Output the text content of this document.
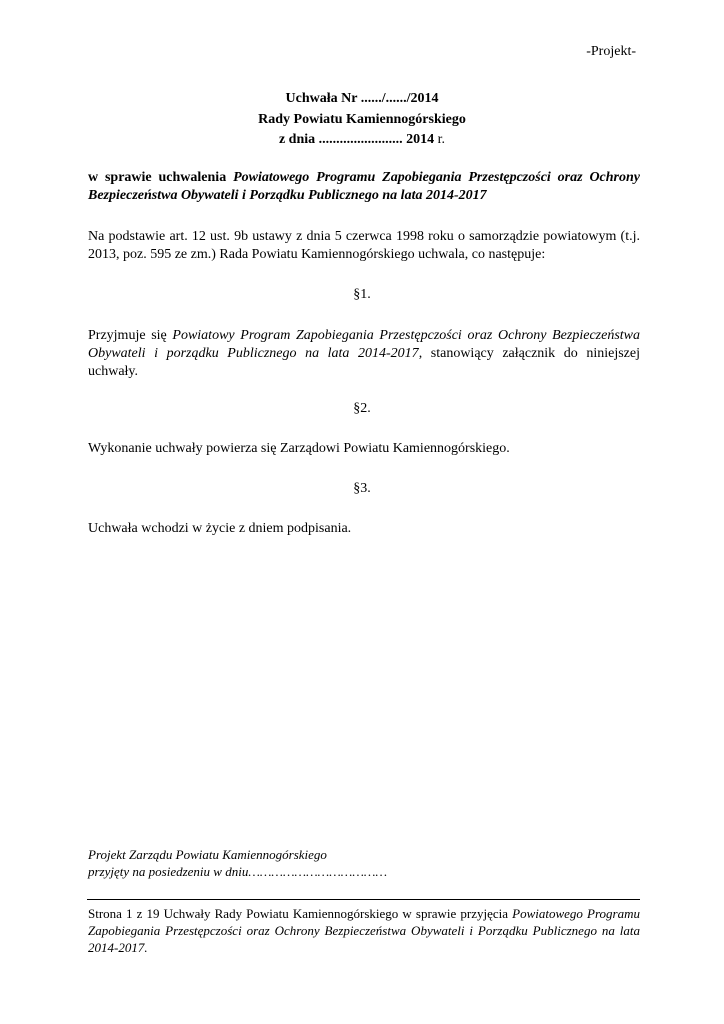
-Projekt-
Uchwała Nr ....../....../2014
Rady Powiatu Kamiennogórskiego
z dnia ........................ 2014 r.
w sprawie uchwalenia Powiatowego Programu Zapobiegania Przestępczości oraz Ochrony Bezpieczeństwa Obywateli i Porządku Publicznego na lata 2014-2017
Na podstawie art. 12 ust. 9b ustawy z dnia 5 czerwca 1998 roku o samorządzie powiatowym (t.j. 2013, poz. 595 ze zm.) Rada Powiatu Kamiennogórskiego uchwala, co następuje:
§1.
Przyjmuje się Powiatowy Program Zapobiegania Przestępczości oraz Ochrony Bezpieczeństwa Obywateli i porządku Publicznego na lata 2014-2017, stanowiący załącznik do niniejszej uchwały.
§2.
Wykonanie uchwały powierza się Zarządowi Powiatu Kamiennogórskiego.
§3.
Uchwała wchodzi w życie z dniem podpisania.
Projekt Zarządu Powiatu Kamiennogórskiego
przyjęty na posiedzeniu w dniu………………………………
Strona 1 z 19 Uchwały Rady Powiatu Kamiennogórskiego w sprawie przyjęcia Powiatowego Programu Zapobiegania Przestępczości oraz Ochrony Bezpieczeństwa Obywateli i Porządku Publicznego na lata 2014-2017.
